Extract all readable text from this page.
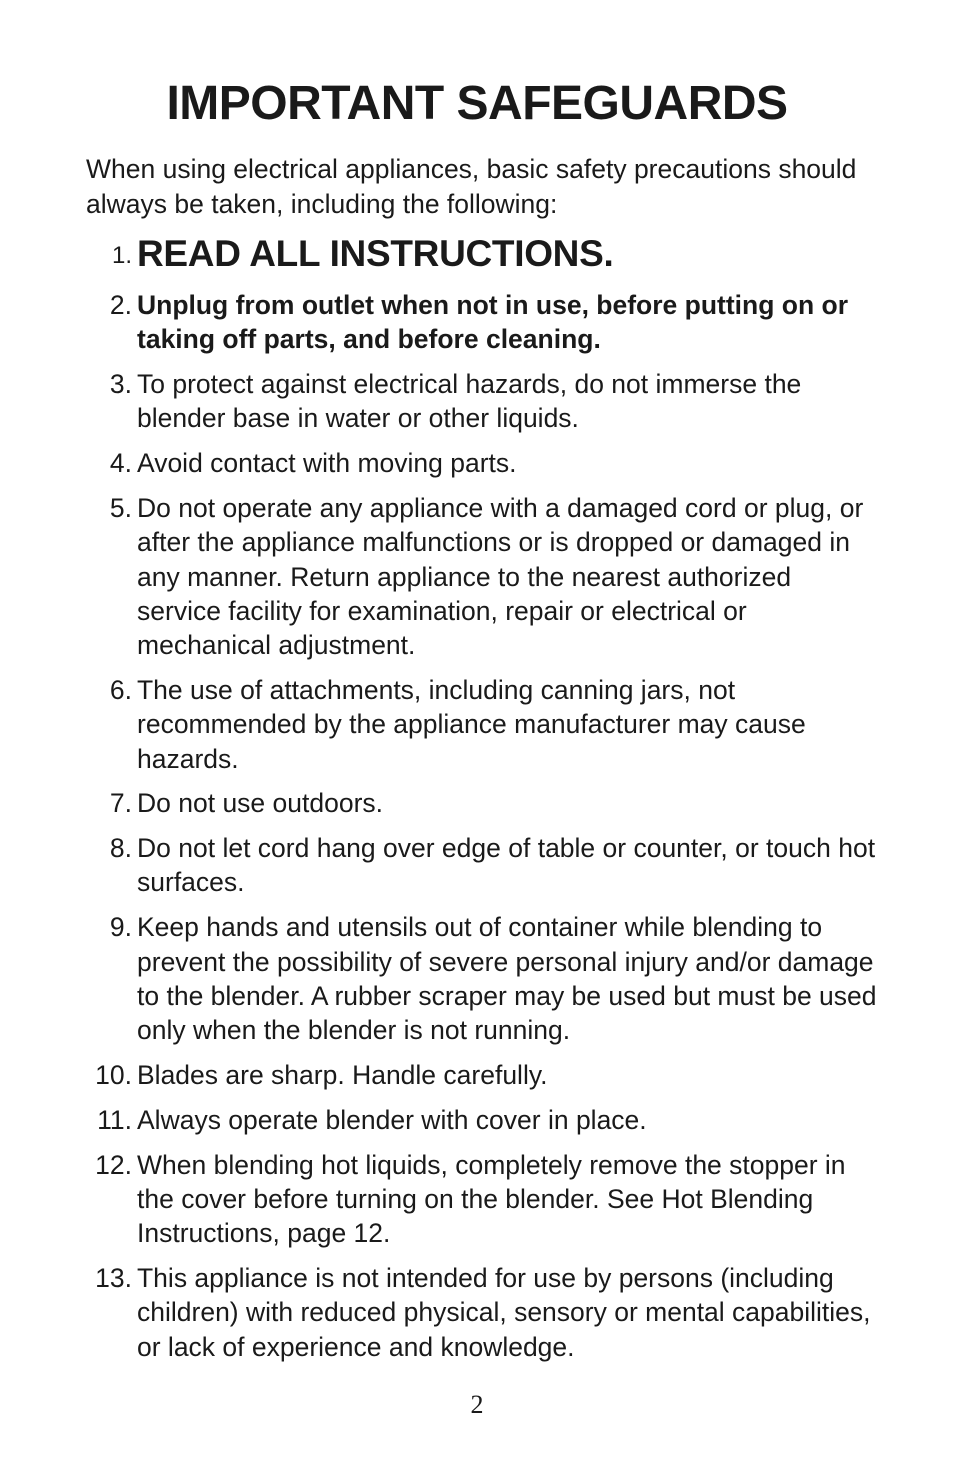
IMPORTANT SAFEGUARDS

When using electrical appliances, basic safety precautions should always be taken, including the following:

1. READ ALL INSTRUCTIONS.
2. Unplug from outlet when not in use, before putting on or taking off parts, and before cleaning.
3. To protect against electrical hazards, do not immerse the blender base in water or other liquids.
4. Avoid contact with moving parts.
5. Do not operate any appliance with a damaged cord or plug, or after the appliance malfunctions or is dropped or damaged in any manner. Return appliance to the nearest authorized service facility for examination, repair or electrical or mechanical adjustment.
6. The use of attachments, including canning jars, not recommended by the appliance manufacturer may cause hazards.
7. Do not use outdoors.
8. Do not let cord hang over edge of table or counter, or touch hot surfaces.
9. Keep hands and utensils out of container while blending to prevent the possibility of severe personal injury and/or damage to the blender. A rubber scraper may be used but must be used only when the blender is not running.
10. Blades are sharp. Handle carefully.
11. Always operate blender with cover in place.
12. When blending hot liquids, completely remove the stopper in the cover before turning on the blender. See Hot Blending Instructions, page 12.
13. This appliance is not intended for use by persons (including children) with reduced physical, sensory or mental capabilities, or lack of experience and knowledge.

2
